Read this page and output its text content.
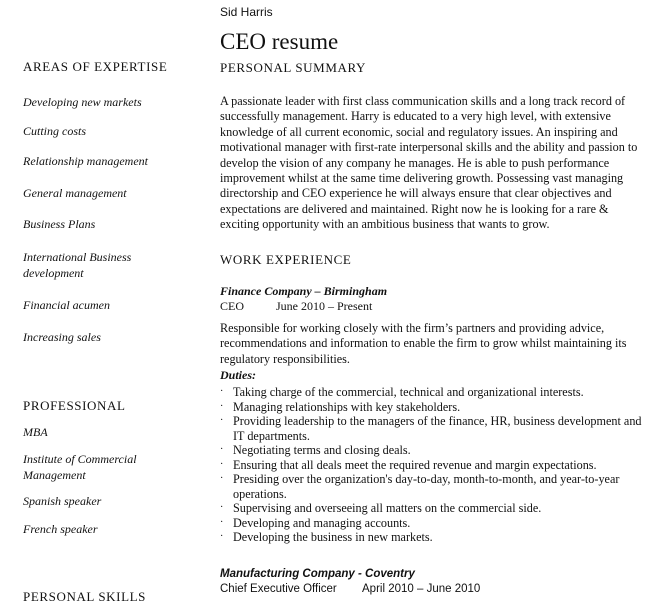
Sid Harris
CEO resume
AREAS OF EXPERTISE
Developing new markets
Cutting costs
Relationship management
General management
Business Plans
International Business development
Financial acumen
Increasing sales
PROFESSIONAL
MBA
Institute of Commercial Management
Spanish speaker
French speaker
PERSONAL SKILLS
PERSONAL SUMMARY
A passionate leader with first class communication skills and a long track record of successfully management. Harry is educated to a very high level, with extensive knowledge of all current economic, social and regulatory issues. An inspiring and motivational manager with first-rate interpersonal skills and the ability and passion to develop the vision of any company he manages. He is able to push performance improvement whilst at the same time delivering growth. Possessing vast managing directorship and CEO experience he will always ensure that clear objectives and expectations are delivered and maintained. Right now he is looking for a rare & exciting opportunity with an ambitious business that wants to grow.
WORK EXPERIENCE
Finance Company – Birmingham
CEO	June 2010 – Present
Responsible for working closely with the firm’s partners and providing advice, recommendations and information to enable the firm to grow whilst maintaining its regulatory responsibilities.
Duties:
· Taking charge of the commercial, technical and organizational interests.
· Managing relationships with key stakeholders.
· Providing leadership to the managers of the finance, HR, business development and IT departments.
· Negotiating terms and closing deals.
· Ensuring that all deals meet the required revenue and margin expectations.
· Presiding over the organization's day-to-day, month-to-month, and year-to-year operations.
· Supervising and overseeing all matters on the commercial side.
· Developing and managing accounts.
· Developing the business in new markets.
Manufacturing Company - Coventry
Chief Executive Officer April 2010 – June 2010
